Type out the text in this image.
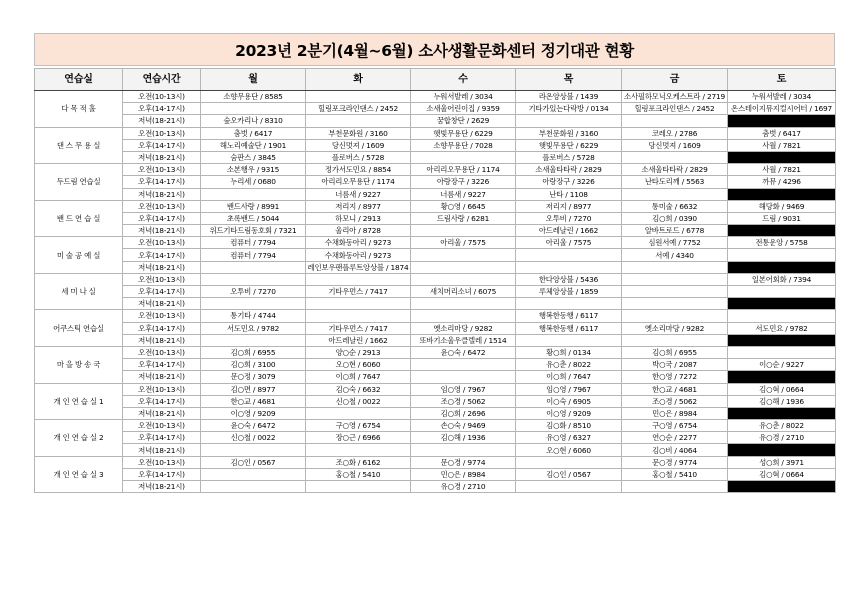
2023년 2분기(4월~6월) 소사생활문화센터 정기대관 현황
연습실	연습시간	월	화	수	목	금	토
다 목 적 홀	오전(10-13시)	소향무용단 / 8585		누워서발레 / 3034	라온앙상블 / 1439	소사필하모닉오케스트라 / 2719	누워서발레 / 3034
	오후(14-17시)		힐링포크라인댄스 / 2452	소새울어린이집 / 9359	기타가있는다락방 / 0134	힐링포크라인댄스 / 2452	온스테이지뮤지컬시어터 / 1697
	저녁(18-21시)	숲오카리나 / 8310		꿈합창단 / 2629			
댄 스 무 용 실	오전(10-13시)	춤벗 / 6417	부천문화원 / 3160	햇빛무용단 / 6229	부천문화원 / 3160	코레오 / 2786	춤벗 / 6417
	오후(14-17시)	해노리예술단 / 1901	당신멋져 / 1609	소향무용단 / 7028	햇빛무용단 / 6229	당신멋져 / 1609	사월 / 7821
	저녁(18-21시)	숨판스 / 3845	플로버스 / 5728		플로버스 / 5728		
두드림 연습실	오전(10-13시)	소본행우 / 9315	정가서도민요 / 8854	아리리오무용단 / 1174	소새울타타락 / 2829	소새울타타락 / 2829	사월 / 7821
	오후(14-17시)	누리세 / 0680	아리리오무용단 / 1174	아랑장구 / 3226	아랑장구 / 3226	난타도리깨 / 5563	까뮤 / 4296
	저녁(18-21시)		너름새 / 9227	너름새 / 9227	난타 / 1108		
밴 드 연 습 실	오전(10-13시)	밴드사랑 / 8991	저리지 / 8977	황○영 / 6645	저리지 / 8977	통미술 / 6632	해당화 / 9469
	오후(14-17시)	초록밴드 / 5044	하모니 / 2913	드림사랑 / 6281	오투비 / 7270	김○희 / 0390	드림 / 9031
	저녁(18-21시)	위드기타드림동호회 / 7321	울리아 / 8728		아드레날린 / 1662	알바트로드 / 6778	
미 술 공 예 실	오전(10-13시)	컴퓨터 / 7794	수채화동아리 / 9273	아리울 / 7575	아리울 / 7575	심원서예 / 7752	전통운앙 / 5758
	오후(14-17시)	컴퓨터 / 7794	수채화동아리 / 9273			서예 / 4340	
	저녁(18-21시)		레인보우팬플루트앙상블 / 1874				
세 미 나 실	오전(10-13시)				한다앙상블 / 5436		일본어회화 / 7394
	오후(14-17시)	오투비 / 7270	기타우먼스 / 7417	새치머리소녀 / 6075	루체앙상블 / 1859		
	저녁(18-21시)						
어쿠스틱 연습실	오전(10-13시)	통기타 / 4744			행복한동행 / 6117		
	오후(14-17시)	서도민요 / 9782	기타우먼스 / 7417	옛소리마당 / 9282	행복한동행 / 6117	옛소리마당 / 9282	서도민요 / 9782
	저녁(18-21시)		아드레날린 / 1662	또바기소울우클렐레 / 1514			
마 을 방 송 국	오전(10-13시)	김○희 / 6955	양○순 / 2913	윤○숙 / 6472	황○희 / 0134	김○희 / 6955	
	오후(14-17시)	김○희 / 3100	오○현 / 6060		유○춘 / 8022	박○국 / 2087	이○순 / 9227
	저녁(18-21시)	문○정 / 3079	이○희 / 7647		이○희 / 7647	한○영 / 7272	
개 인 연 습 실 1	오전(10-13시)	김○면 / 8977	김○숙 / 6632	임○영 / 7967	임○영 / 7967	한○교 / 4681	김○혁 / 0664
	오후(14-17시)	한○교 / 4681	신○철 / 0022	조○경 / 5062	이○숙 / 6905	조○경 / 5062	김○해 / 1936
	저녁(18-21시)	이○영 / 9209		김○희 / 2696	이○영 / 9209	민○은 / 8984	
개 인 연 습 실 2	오전(10-13시)	윤○숙 / 6472	구○영 / 6754	손○숙 / 9469	김○화 / 8510	구○영 / 6754	유○춘 / 8022
	오후(14-17시)	신○철 / 0022	장○근 / 6966	김○해 / 1936	유○영 / 6327	연○순 / 2277	유○경 / 2710
	저녁(18-21시)				오○현 / 6060	김○비 / 4064	
개 인 연 습 실 3	오전(10-13시)	김○인 / 0567	조○화 / 6162	문○경 / 9774		문○경 / 9774	성○희 / 3971
	오후(14-17시)		홍○철 / 5410	민○은 / 8984	김○인 / 0567	홍○철 / 5410	김○혁 / 0664
	저녁(18-21시)			유○경 / 2710			
